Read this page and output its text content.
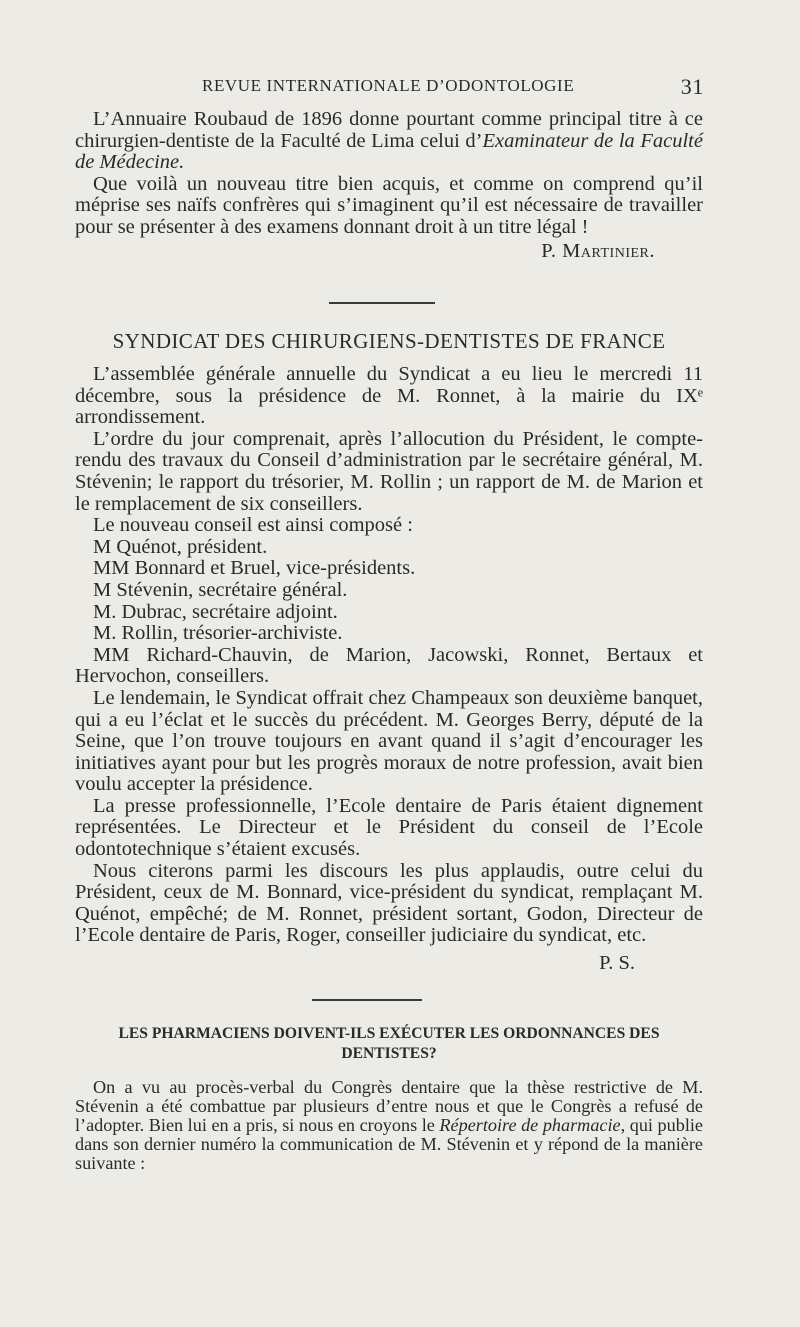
REVUE INTERNATIONALE D’ODONTOLOGIE	31

L’Annuaire Roubaud de 1896 donne pourtant comme principal titre à ce chirurgien-dentiste de la Faculté de Lima celui d’Examinateur de la Faculté de Médecine.

Que voilà un nouveau titre bien acquis, et comme on comprend qu’il méprise ses naïfs confrères qui s’imaginent qu’il est nécessaire de travailler pour se présenter à des examens donnant droit à un titre légal !

P. Martinier.

SYNDICAT DES CHIRURGIENS-DENTISTES DE FRANCE

L’assemblée générale annuelle du Syndicat a eu lieu le mercredi 11 décembre, sous la présidence de M. Ronnet, à la mairie du IXᵉ arrondissement.

L’ordre du jour comprenait, après l’allocution du Président, le compte-rendu des travaux du Conseil d’administration par le secrétaire général, M. Stévenin; le rapport du trésorier, M. Rollin ; un rapport de M. de Marion et le remplacement de six conseillers.

Le nouveau conseil est ainsi composé :

M Quénot, président.

MM Bonnard et Bruel, vice-présidents.

M Stévenin, secrétaire général.

M. Dubrac, secrétaire adjoint.

M. Rollin, trésorier-archiviste.

MM Richard-Chauvin, de Marion, Jacowski, Ronnet, Bertaux et Hervochon, conseillers.

Le lendemain, le Syndicat offrait chez Champeaux son deuxième banquet, qui a eu l’éclat et le succès du précédent. M. Georges Berry, député de la Seine, que l’on trouve toujours en avant quand il s’agit d’encourager les initiatives ayant pour but les progrès moraux de notre profession, avait bien voulu accepter la présidence.

La presse professionnelle, l’Ecole dentaire de Paris étaient dignement représentées. Le Directeur et le Président du conseil de l’Ecole odontotechnique s’étaient excusés.

Nous citerons parmi les discours les plus applaudis, outre celui du Président, ceux de M. Bonnard, vice-président du syndicat, remplaçant M. Quénot, empêché; de M. Ronnet, président sortant, Godon, Directeur de l’Ecole dentaire de Paris, Roger, conseiller judiciaire du syndicat, etc.

P. S.

LES PHARMACIENS DOIVENT-ILS EXÉCUTER LES ORDONNANCES DES DENTISTES?

On a vu au procès-verbal du Congrès dentaire que la thèse restrictive de M. Stévenin a été combattue par plusieurs d’entre nous et que le Congrès a refusé de l’adopter. Bien lui en a pris, si nous en croyons le Répertoire de pharmacie, qui publie dans son dernier numéro la communication de M. Stévenin et y répond de la manière suivante :
